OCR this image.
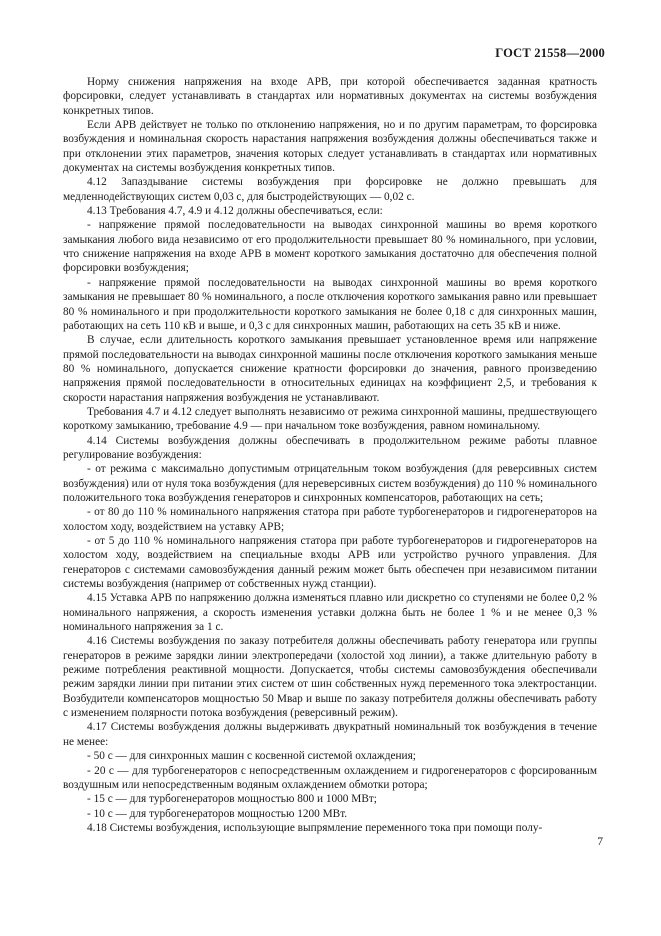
ГОСТ 21558—2000

Норму снижения напряжения на входе АРВ, при которой обеспечивается заданная кратность форсировки, следует устанавливать в стандартах или нормативных документах на системы возбуждения конкретных типов.

Если АРВ действует не только по отклонению напряжения, но и по другим параметрам, то форсировка возбуждения и номинальная скорость нарастания напряжения возбуждения должны обеспечиваться также и при отклонении этих параметров, значения которых следует устанавливать в стандартах или нормативных документах на системы возбуждения конкретных типов.

4.12 Запаздывание системы возбуждения при форсировке не должно превышать для медленнодействующих систем 0,03 с, для быстродействующих — 0,02 с.

4.13 Требования 4.7, 4.9 и 4.12 должны обеспечиваться, если:

- напряжение прямой последовательности на выводах синхронной машины во время короткого замыкания любого вида независимо от его продолжительности превышает 80 % номинального, при условии, что снижение напряжения на входе АРВ в момент короткого замыкания достаточно для обеспечения полной форсировки возбуждения;

- напряжение прямой последовательности на выводах синхронной машины во время короткого замыкания не превышает 80 % номинального, а после отключения короткого замыкания равно или превышает 80 % номинального и при продолжительности короткого замыкания не более 0,18 с для синхронных машин, работающих на сеть 110 кВ и выше, и 0,3 с для синхронных машин, работающих на сеть 35 кВ и ниже.

В случае, если длительность короткого замыкания превышает установленное время или напряжение прямой последовательности на выводах синхронной машины после отключения короткого замыкания меньше 80 % номинального, допускается снижение кратности форсировки до значения, равного произведению напряжения прямой последовательности в относительных единицах на коэффициент 2,5, и требования к скорости нарастания напряжения возбуждения не устанавливают.

Требования 4.7 и 4.12 следует выполнять независимо от режима синхронной машины, предшествующего короткому замыканию, требование 4.9 — при начальном токе возбуждения, равном номинальному.

4.14 Системы возбуждения должны обеспечивать в продолжительном режиме работы плавное регулирование возбуждения:

- от режима с максимально допустимым отрицательным током возбуждения (для реверсивных систем возбуждения) или от нуля тока возбуждения (для нереверсивных систем возбуждения) до 110 % номинального положительного тока возбуждения генераторов и синхронных компенсаторов, работающих на сеть;

- от 80 до 110 % номинального напряжения статора при работе турбогенераторов и гидрогенераторов на холостом ходу, воздействием на уставку АРВ;

- от 5 до 110 % номинального напряжения статора при работе турбогенераторов и гидрогенераторов на холостом ходу, воздействием на специальные входы АРВ или устройство ручного управления. Для генераторов с системами самовозбуждения данный режим может быть обеспечен при независимом питании системы возбуждения (например от собственных нужд станции).

4.15 Уставка АРВ по напряжению должна изменяться плавно или дискретно со ступенями не более 0,2 % номинального напряжения, а скорость изменения уставки должна быть не более 1 % и не менее 0,3 % номинального напряжения за 1 с.

4.16 Системы возбуждения по заказу потребителя должны обеспечивать работу генератора или группы генераторов в режиме зарядки линии электропередачи (холостой ход линии), а также длительную работу в режиме потребления реактивной мощности. Допускается, чтобы системы самовозбуждения обеспечивали режим зарядки линии при питании этих систем от шин собственных нужд переменного тока электростанции. Возбудители компенсаторов мощностью 50 Мвар и выше по заказу потребителя должны обеспечивать работу с изменением полярности потока возбуждения (реверсивный режим).

4.17 Системы возбуждения должны выдерживать двукратный номинальный ток возбуждения в течение не менее:

- 50 с — для синхронных машин с косвенной системой охлаждения;

- 20 с — для турбогенераторов с непосредственным охлаждением и гидрогенераторов с форсированным воздушным или непосредственным водяным охлаждением обмотки ротора;

- 15 с — для турбогенераторов мощностью 800 и 1000 МВт;

- 10 с — для турбогенераторов мощностью 1200 МВт.

4.18 Системы возбуждения, использующие выпрямление переменного тока при помощи полу-

7
